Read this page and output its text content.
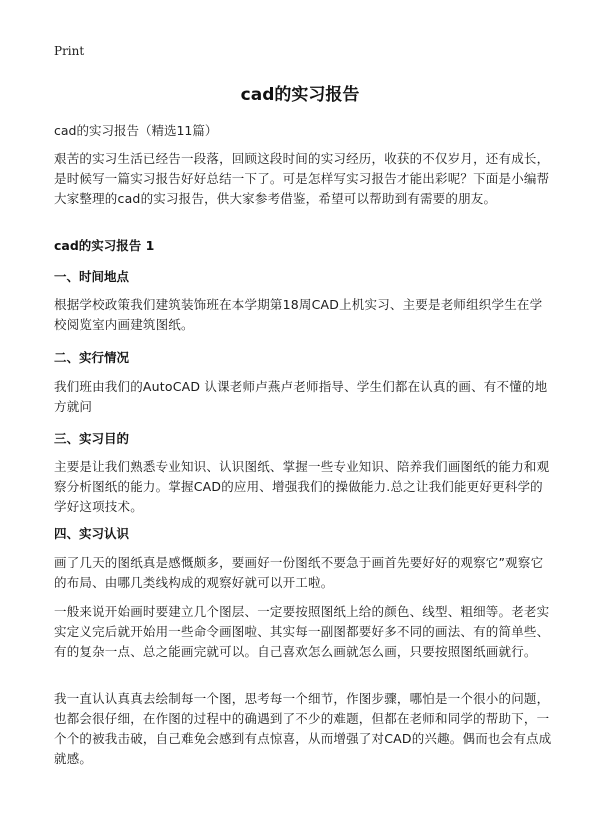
Print
cad的实习报告
cad的实习报告（精选11篇）
艰苦的实习生活已经告一段落，回顾这段时间的实习经历，收获的不仅岁月，还有成长，是时候写一篇实习报告好好总结一下了。可是怎样写实习报告才能出彩呢？下面是小编帮大家整理的cad的实习报告，供大家参考借鉴，希望可以帮助到有需要的朋友。
cad的实习报告 1
一、时间地点
根据学校政策我们建筑装饰班在本学期第18周CAD上机实习、主要是老师组织学生在学校阅览室内画建筑图纸。
二、实行情况
我们班由我们的AutoCAD 认课老师卢燕卢老师指导、学生们都在认真的画、有不懂的地方就问
三、实习目的
主要是让我们熟悉专业知识、认识图纸、掌握一些专业知识、陪养我们画图纸的能力和观察分析图纸的能力。掌握CAD的应用、增强我们的操做能力.总之让我们能更好更科学的学好这项技术。
四、实习认识
画了几天的图纸真是感慨颇多，要画好一份图纸不要急于画首先要好好的观察它”观察它的布局、由哪几类线构成的观察好就可以开工啦。
一般来说开始画时要建立几个图层、一定要按照图纸上给的颜色、线型、粗细等。老老实实定义完后就开始用一些命令画图啦、其实每一副图都要好多不同的画法、有的简单些、有的复杂一点、总之能画完就可以。自己喜欢怎么画就怎么画，只要按照图纸画就行。
我一直认认真真去绘制每一个图，思考每一个细节，作图步骤，哪怕是一个很小的问题，也都会很仔细，在作图的过程中的确遇到了不少的难题，但都在老师和同学的帮助下，一个个的被我击破，自己难免会感到有点惊喜，从而增强了对CAD的兴趣。偶而也会有点成就感。
